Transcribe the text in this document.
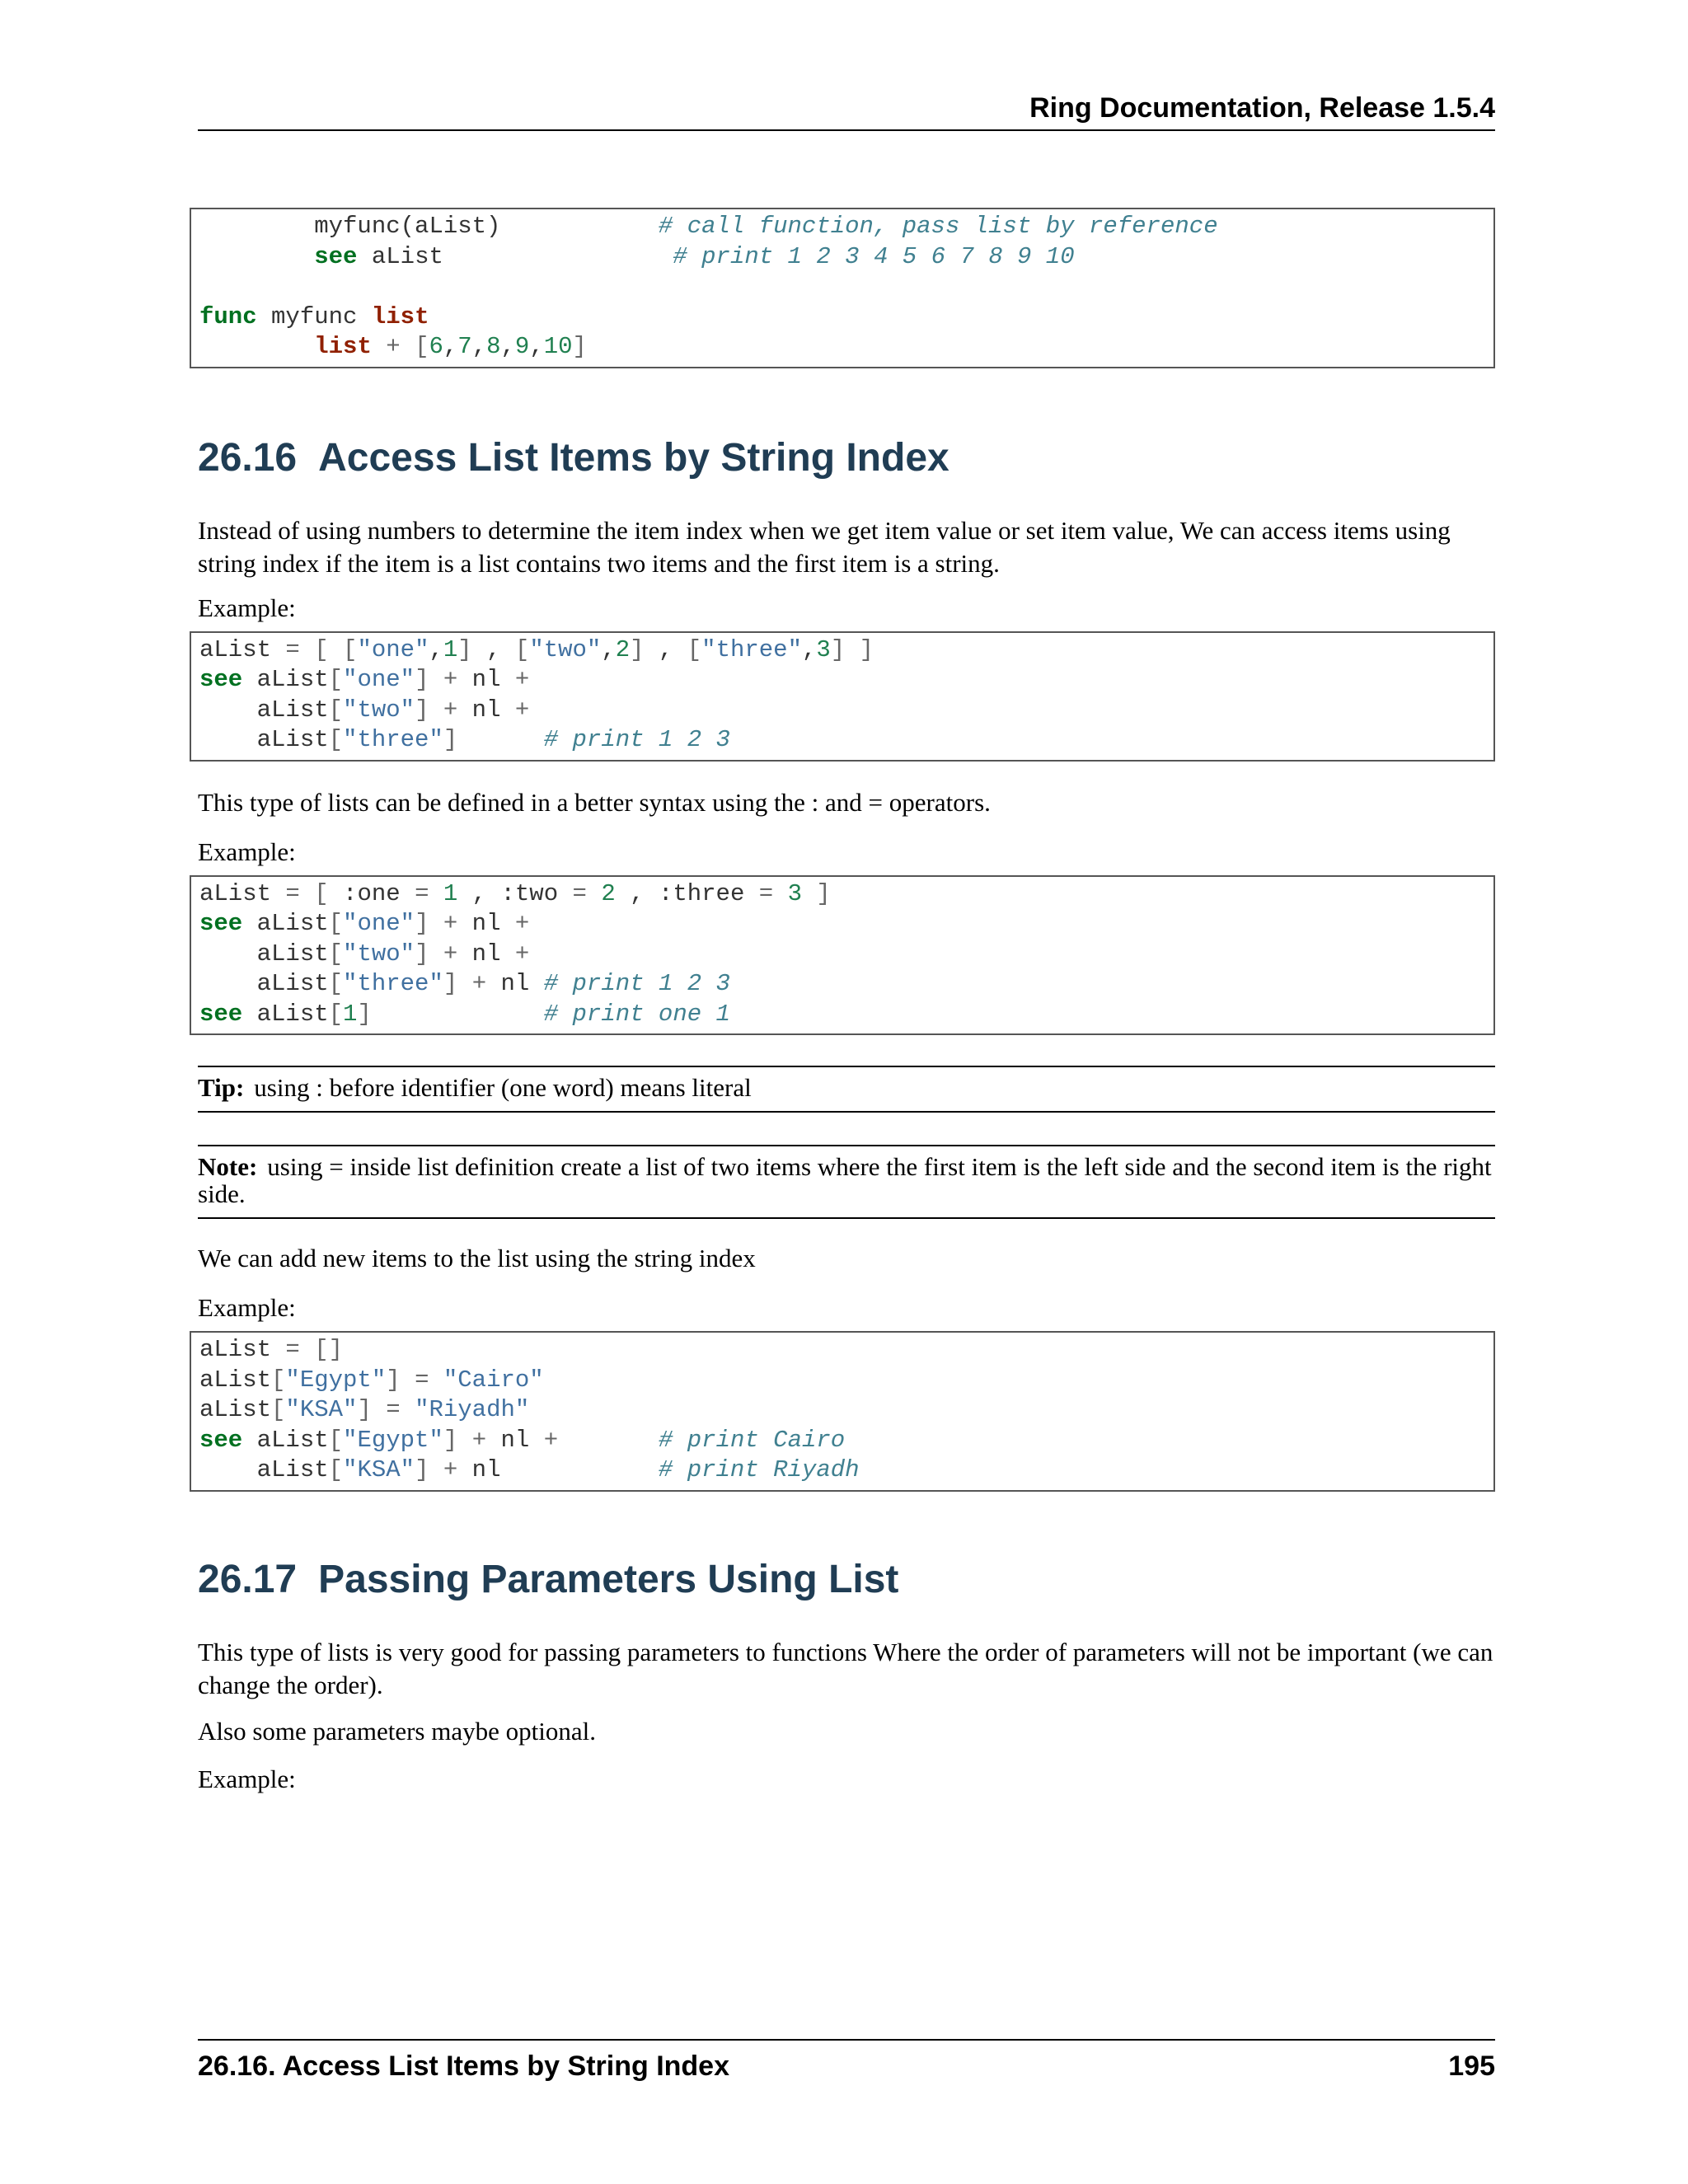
Ring Documentation, Release 1.5.4
myfunc(aList)           # call function, pass list by reference
see aList                # print 1 2 3 4 5 6 7 8 9 10

func myfunc list
list + [6,7,8,9,10]
26.16 Access List Items by String Index

Instead of using numbers to determine the item index when we get item value or set item value, We can access items using string index if the item is a list contains two items and the first item is a string.

Example:

aList = [ ["one",1] , ["two",2] , ["three",3] ]
see aList["one"] + nl +
aList["two"] + nl +
aList["three"]	# print 1 2 3

This type of lists can be defined in a better syntax using the : and = operators.

Example:

aList = [ :one = 1 , :two = 2 , :three = 3 ]
see aList["one"] + nl +
aList["two"] + nl +
aList["three"] + nl # print 1 2 3
see aList[1]	# print one 1
Tip: using : before identifier (one word) means literal
Note: using = inside list definition create a list of two items where the first item is the left side and the second item is the right side.

We can add new items to the list using the string index

Example:

aList = []
aList["Egypt"] = "Cairo"
aList["KSA"] = "Riyadh"
see aList["Egypt"] + nl +	# print Cairo
aList["KSA"] + nl           # print Riyadh
26.17 Passing Parameters Using List

This type of lists is very good for passing parameters to functions Where the order of parameters will not be important (we can change the order).

Also some parameters maybe optional.

Example:

26.16. Access List Items by String Index	195
